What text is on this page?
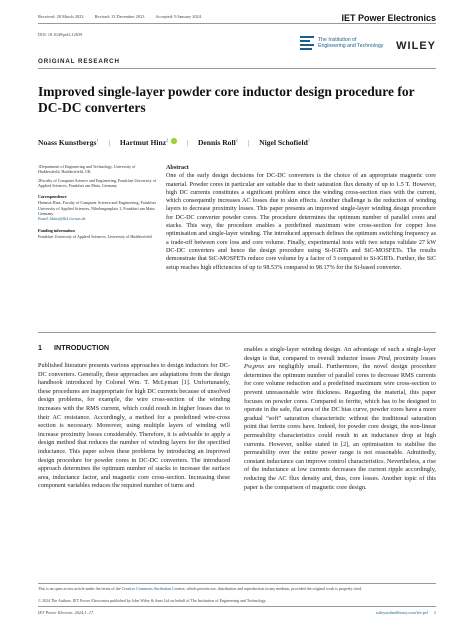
Received: 28 March 2023	Revised: 13 December 2023 Accepted: 9 January 2024	IET Power Electronics
DOI: 10.1049/pel2.12659
The Institution of
Engineering and Technology	WILEY
ORIGINAL RESEARCH
Improved single-layer powder core inductor design procedure for DC-DC converters
Noass Kunstbergs$^1$ | Hartmut Hinz$^2$ | Dennis Roll$^2$ | Nigel Schofield$^1$
1Department of Engineering and Technology, University of Huddersfield, Huddersfield, UK
2Faculty of Computer Science and Engineering, Frankfurt University of Applied Sciences, Frankfurt am Main, Germany
Correspondence
Hartmut Hinz, Faculty of Computer Science and Engineering, Frankfurt University of Applied Sciences, Nibelungenplatz 1, Frankfurt am Main, Germany.
Email: hhinz@fb2.fra-uas.de
Funding information
Frankfurt University of Applied Sciences, University of Huddersfield
Abstract
One of the early design decisions for DC-DC converters is the choice of an appropriate magnetic core material. Powder cores in particular are suitable due to their saturation flux density of up to 1.5 T. However, high DC currents constitutes a significant problem since the winding cross-section rises with the current, which consequently increases AC losses due to skin effects. Another challenge is the reduction of winding layers to decrease proximity losses. This paper presents an improved single-layer winding design procedure for DC-DC converter powder cores. The procedure determines the optimum number of parallel cores and stacks. This way, the procedure enables a predefined maximum wire cross-section for copper loss optimisation and single-layer winding. The introduced approach defines the optimum switching frequency as a trade-off between core loss and core volume. Finally, experimental tests with two setups validate 27 kW DC-DC converters and hence the design procedure using Si-IGBTs and SiC-MOSFETs. The results demonstrate that SiC-MOSFETs reduce core volume by a factor of 3 compared to Si-IGBTs. Further, the SiC setup reaches high efficiencies of up to 98.53% compared to 98.17% for the Si-based converter.
1 INTRODUCTION
Published literature presents various approaches to design inductors for DC-DC converters. Generally, these approaches are adaptations from the design handbook introduced by Colonel Wm. T. McLyman [1]. Unfortunately, these procedures are inappropriate for high DC currents because of unsolved design problems, for example, the wire cross-section of the winding increases with the RMS current, which could result in higher losses due to their AC resistance. Accordingly, a method for a predefined wire-cross section is necessary. Moreover, using multiple layers of winding will increase proximity losses considerably. Therefore, it is advisable to apply a design method that reduces the number of winding layers for the specified inductance. This paper solves these problems by introducing an improved design procedure for powder cores in DC-DC converters. The introduced approach determines the optimum number of stacks to increase the surface area, inductance factor, and magnetic core cross-section. Increasing these component variables reduces the required number of turns and
enables a single-layer winding design. An advantage of such a single-layer design is that, compared to overall inductor losses Pind, proximity losses Pw,prox are negligibly small. Furthermore, the novel design procedure determines the optimum number of parallel cores to decrease RMS currents for core volume reduction and a predefined maximum wire cross-section to prevent unreasonable wire thickness. Regarding the material, this paper focuses on powder cores. Compared to ferrite, which has to be designed to operate in the safe, flat area of the DC bias curve, powder cores have a more gradual “soft” saturation characteristic without the traditional saturation point that ferrite cores have. Indeed, for powder core design, the non-linear permeability characteristics could result in an inductance drop at high currents. However, unlike stated in [2], an optimisation to stabilise the permeability over the entire power range is not reasonable. Admittedly, constant inductance can improve control characteristics. Nevertheless, a rise of the inductance at low currents decreases the current ripple accordingly, reducing the AC flux density and, thus, core losses. Another topic of this paper is the comparison of magnetic core design.
This is an open access article under the terms of the Creative Commons Attribution License, which permits use, distribution and reproduction in any medium, provided the original work is properly cited.
© 2024 The Authors. IET Power Electronics published by John Wiley & Sons Ltd on behalf of The Institution of Engineering and Technology.
IET Power Electron. 2024;1–17.	wileyonlinelibrary.com/iet-pel 1
